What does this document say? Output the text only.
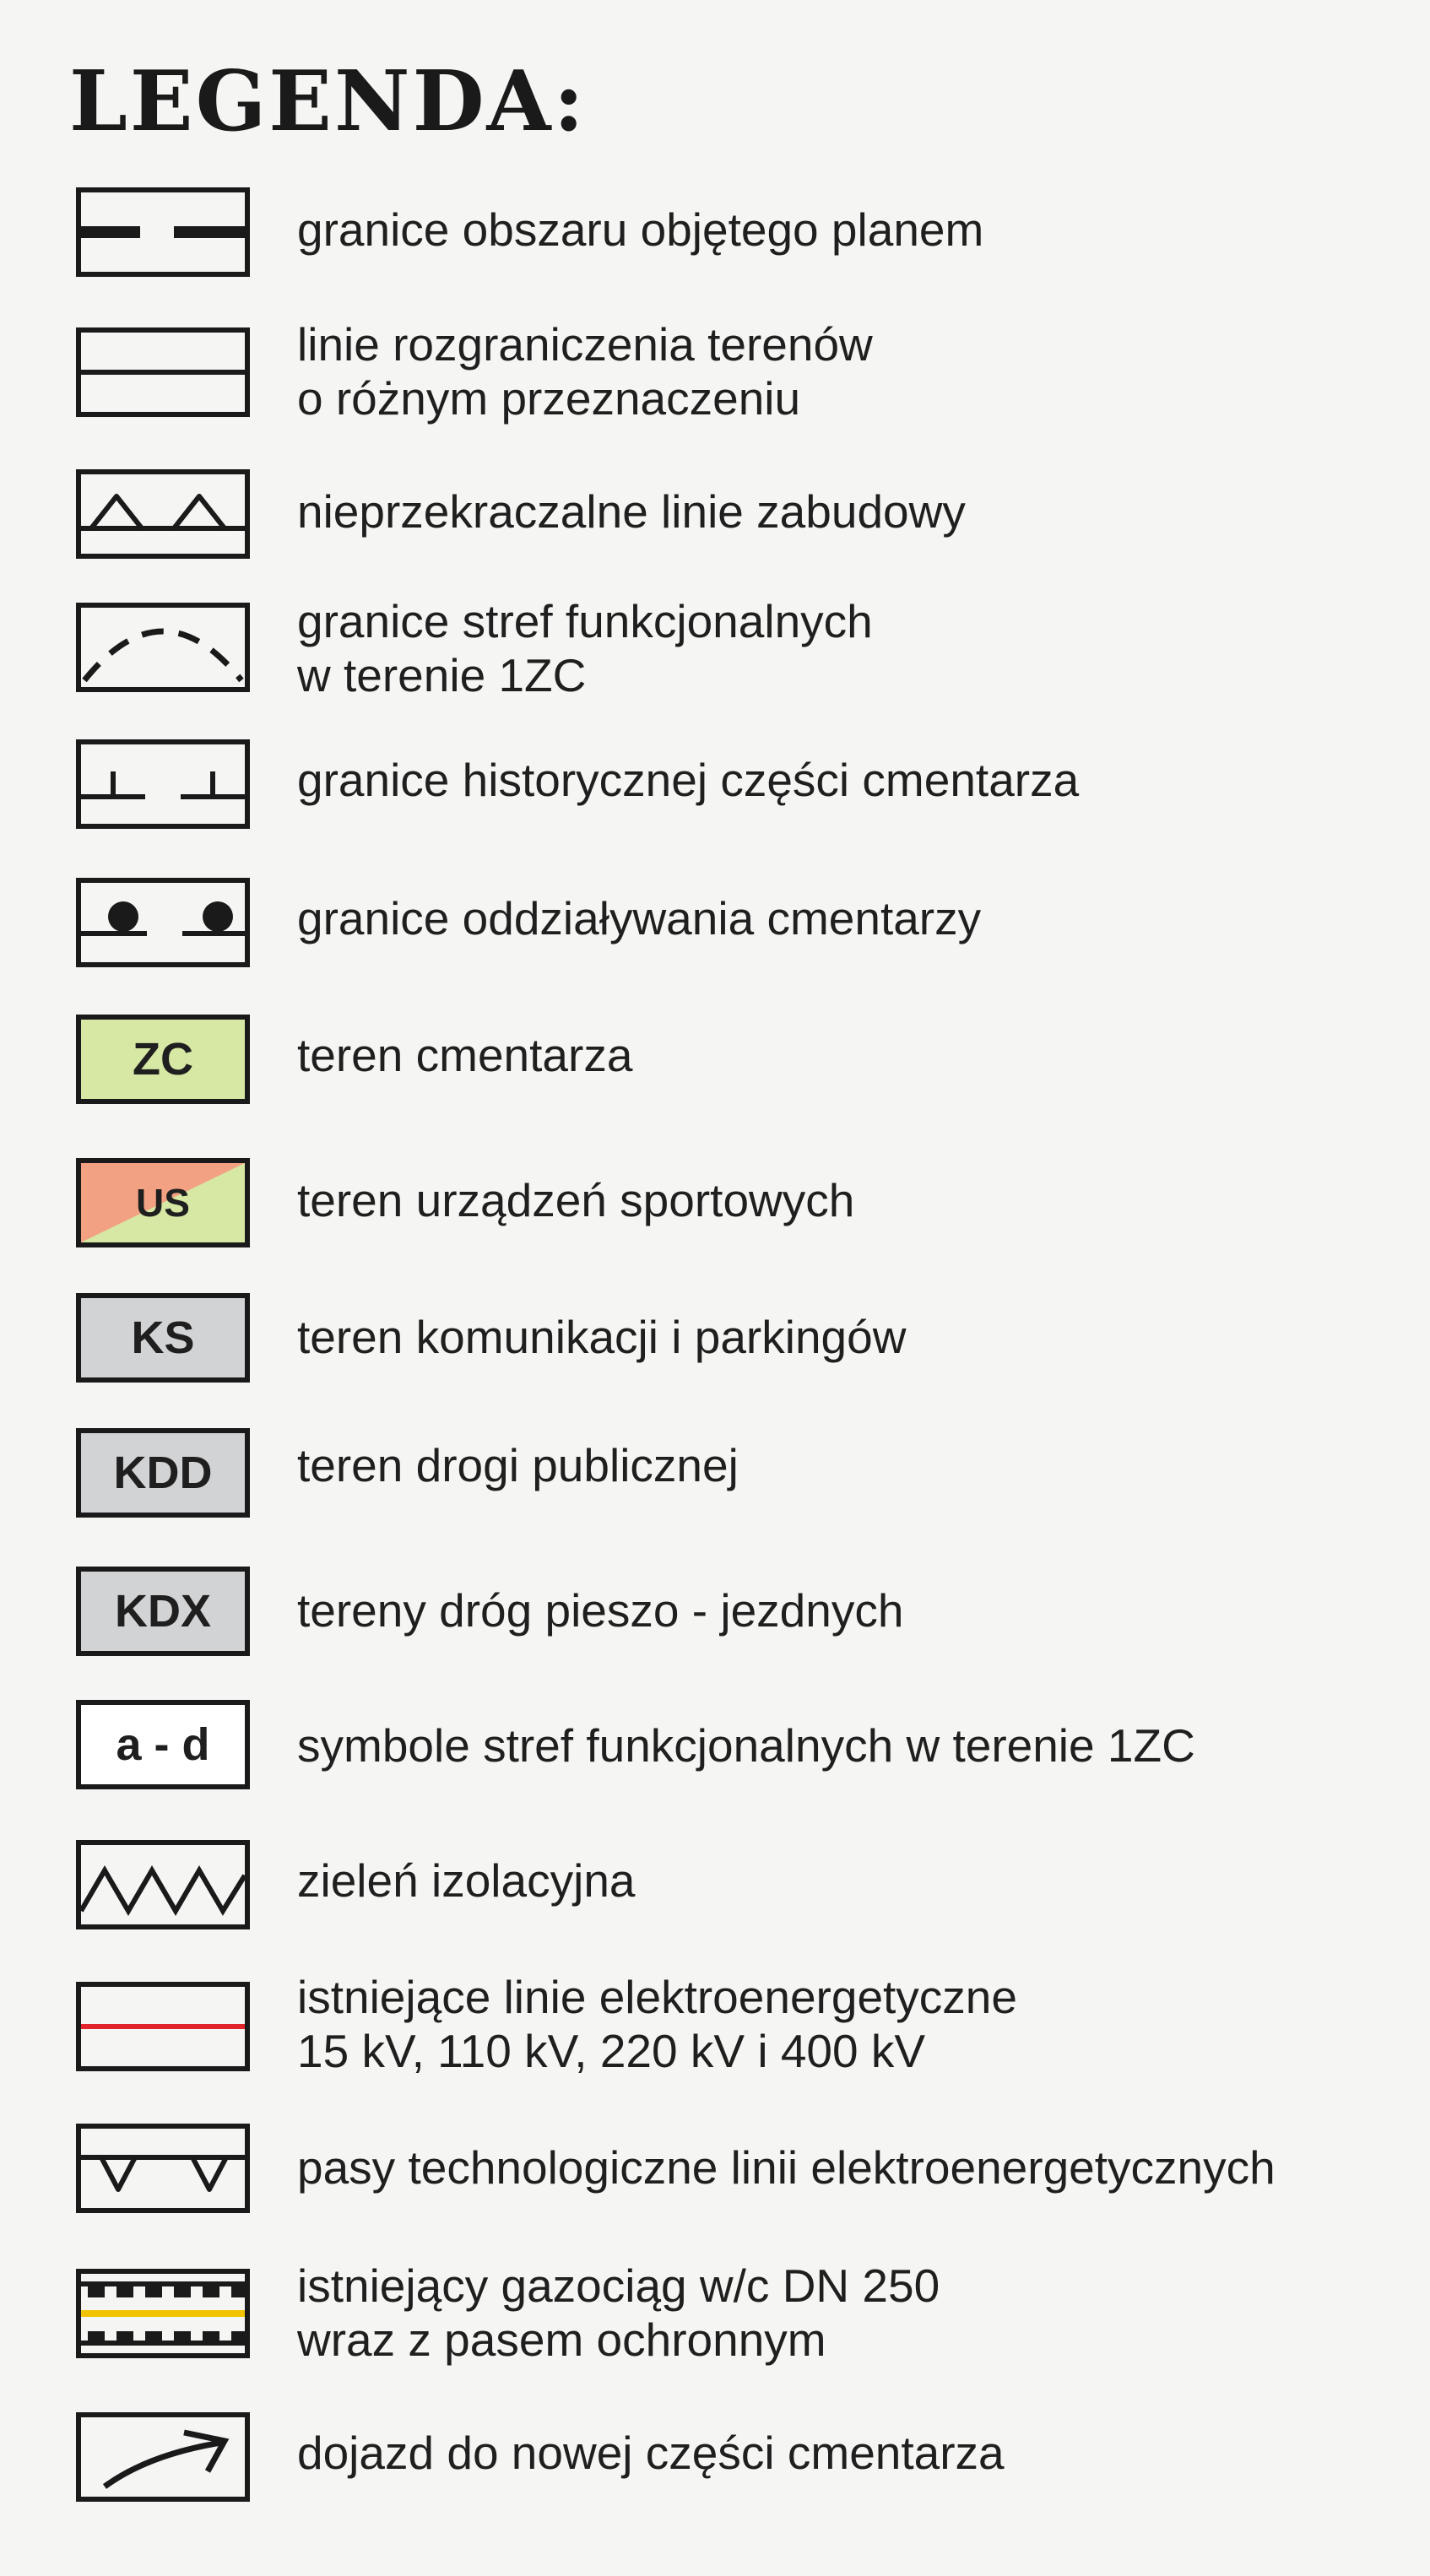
LEGENDA:
granice obszaru objętego planem
linie rozgraniczenia terenów
o różnym przeznaczeniu
nieprzekraczalne linie zabudowy
granice stref funkcjonalnych
w terenie 1ZC
granice historycznej części cmentarza
granice oddziaływania cmentarzy
ZC teren cmentarza
US teren urządzeń sportowych
KS teren komunikacji i parkingów
KDD teren drogi publicznej
KDX tereny dróg pieszo - jezdnych
a - d symbole stref funkcjonalnych w terenie 1ZC
zieleń izolacyjna
istniejące linie elektroenergetyczne
15 kV, 110 kV, 220 kV i 400 kV
pasy technologiczne linii elektroenergetycznych
istniejący gazociąg w/c DN 250
wraz z pasem ochronnym
dojazd do nowej części cmentarza
